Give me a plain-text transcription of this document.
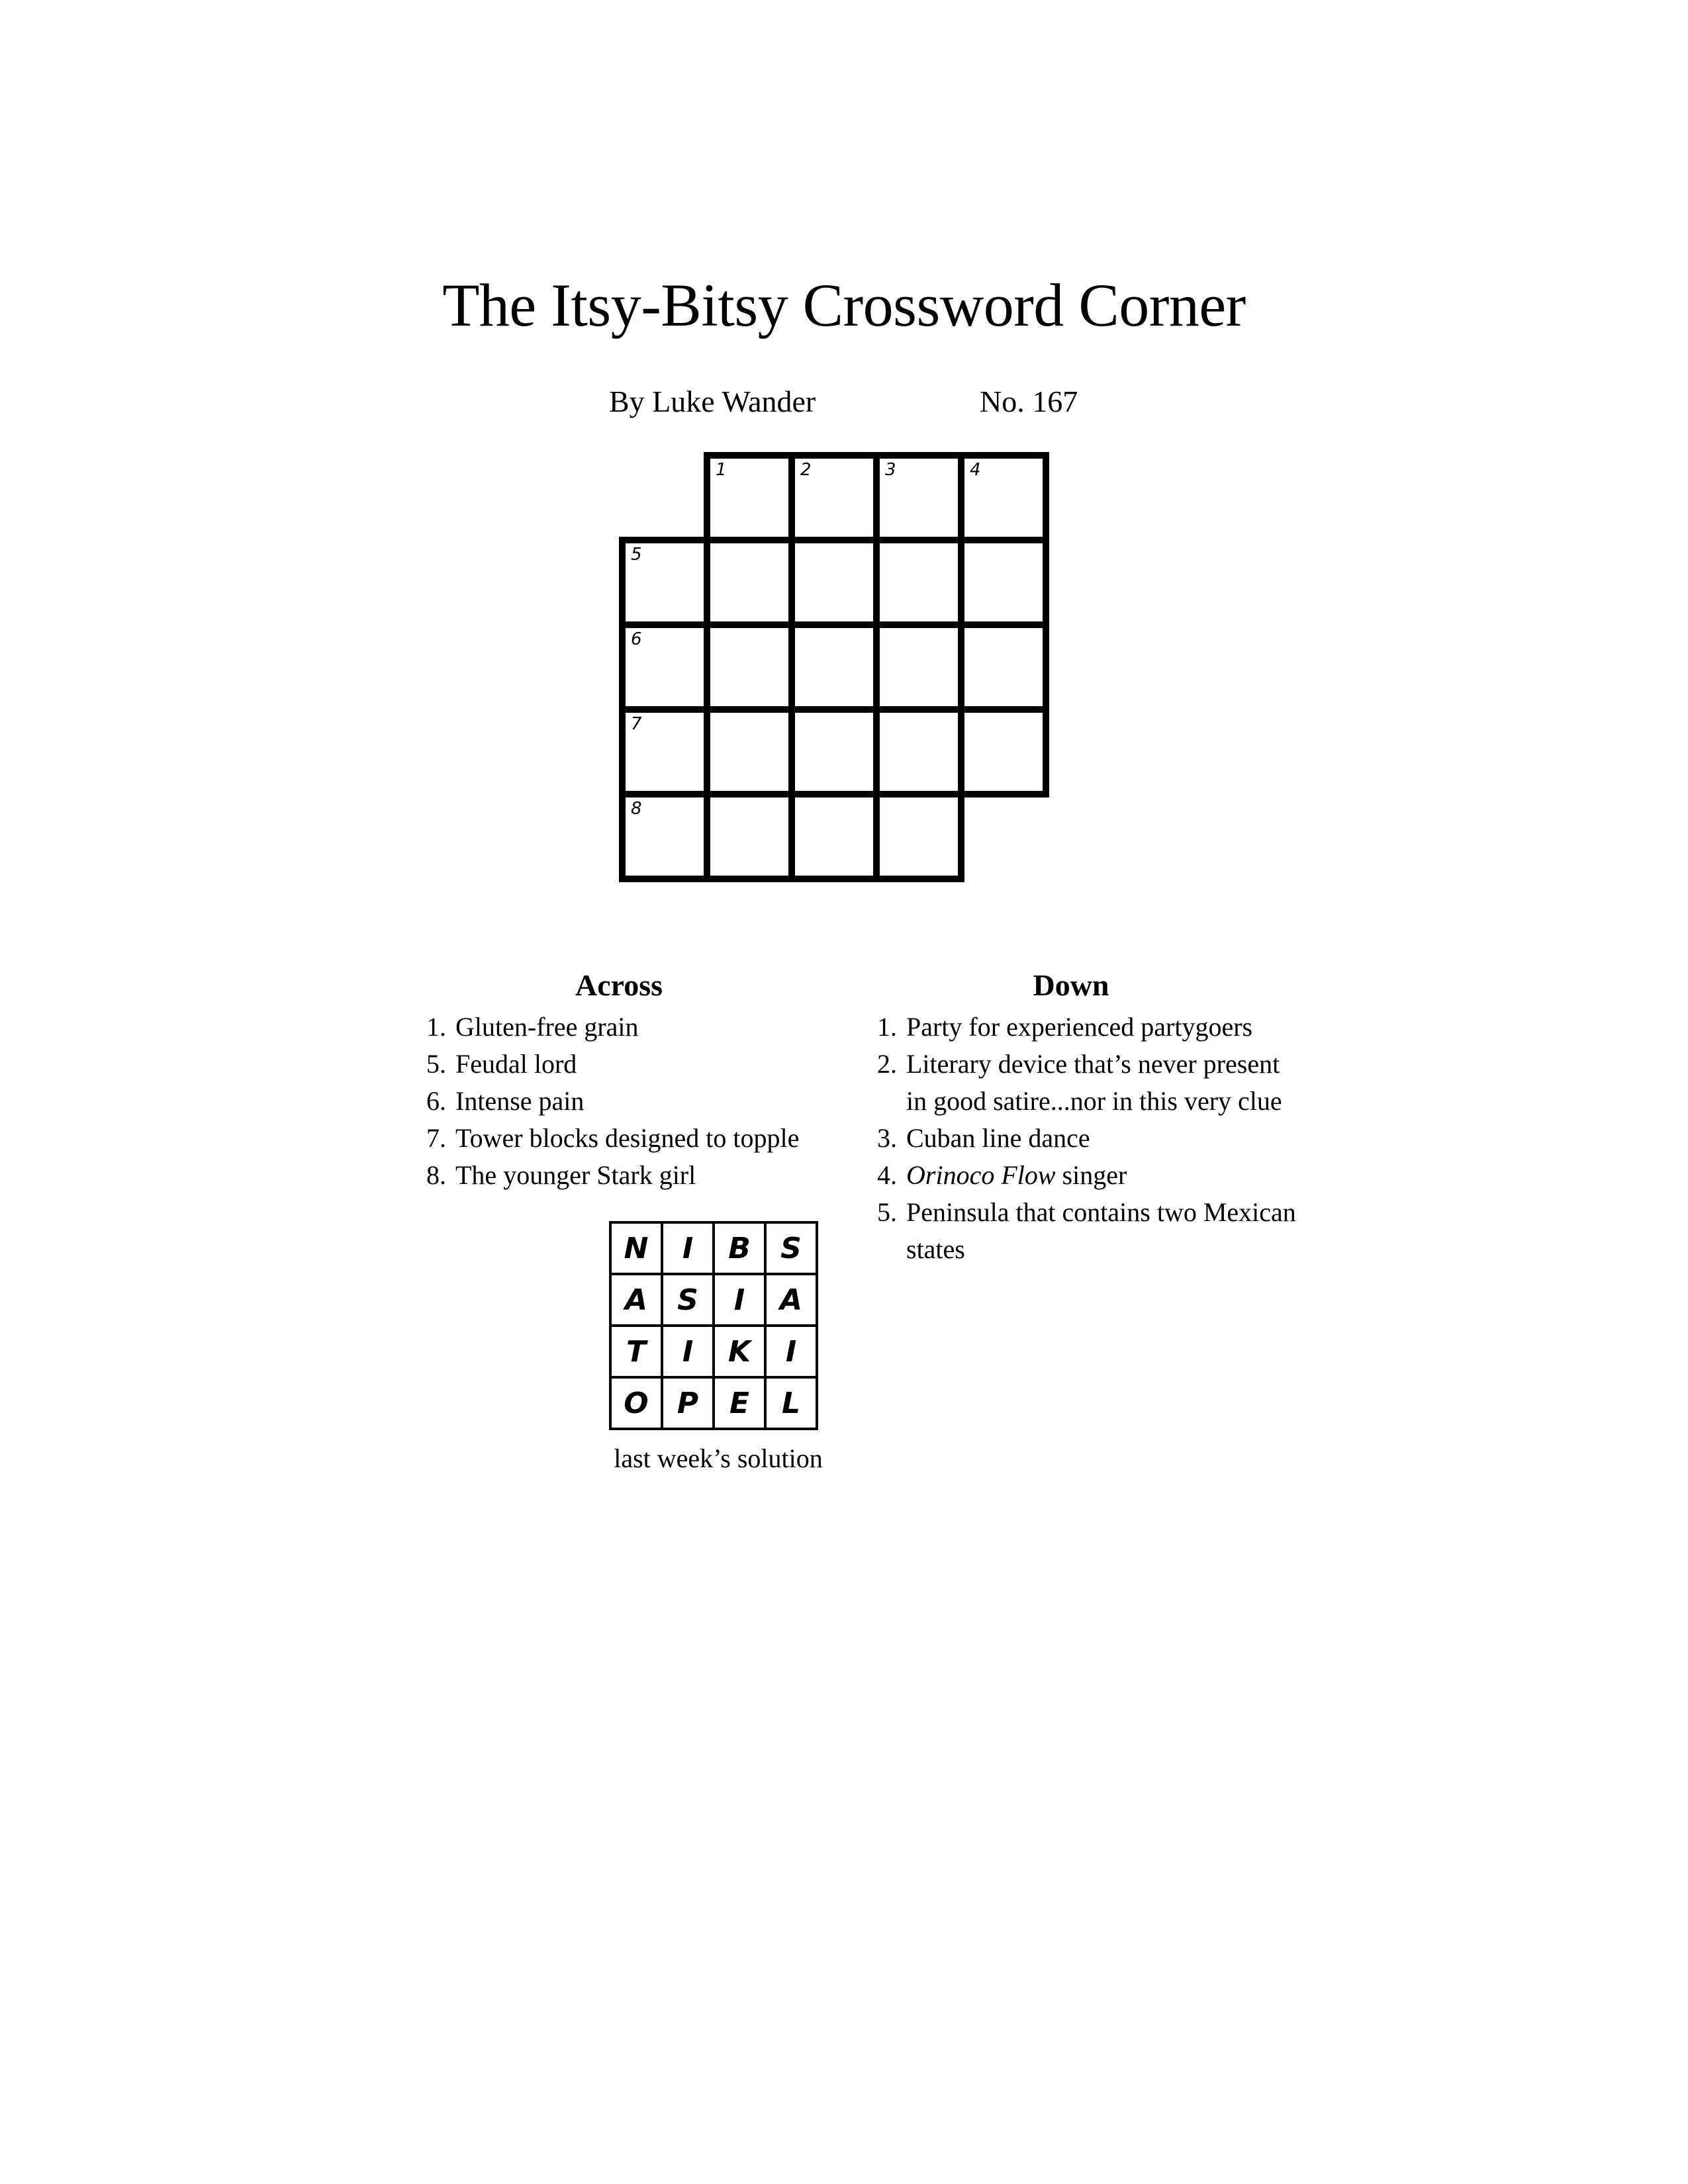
The Itsy-Bitsy Crossword Corner
By Luke Wander	No. 167
1	2	3	4
5
6
7
8
Across
1. Gluten-free grain
5. Feudal lord
6. Intense pain
7. Tower blocks designed to topple
8. The younger Stark girl
Down
1. Party for experienced partygoers
2. Literary device that’s never present in good satire...nor in this very clue
3. Cuban line dance
4. Orinoco Flow singer
5. Peninsula that contains two Mexican states
N	I	B	S
A	S	I	A
T	I	K	I
O P	E	L
last week’s solution
